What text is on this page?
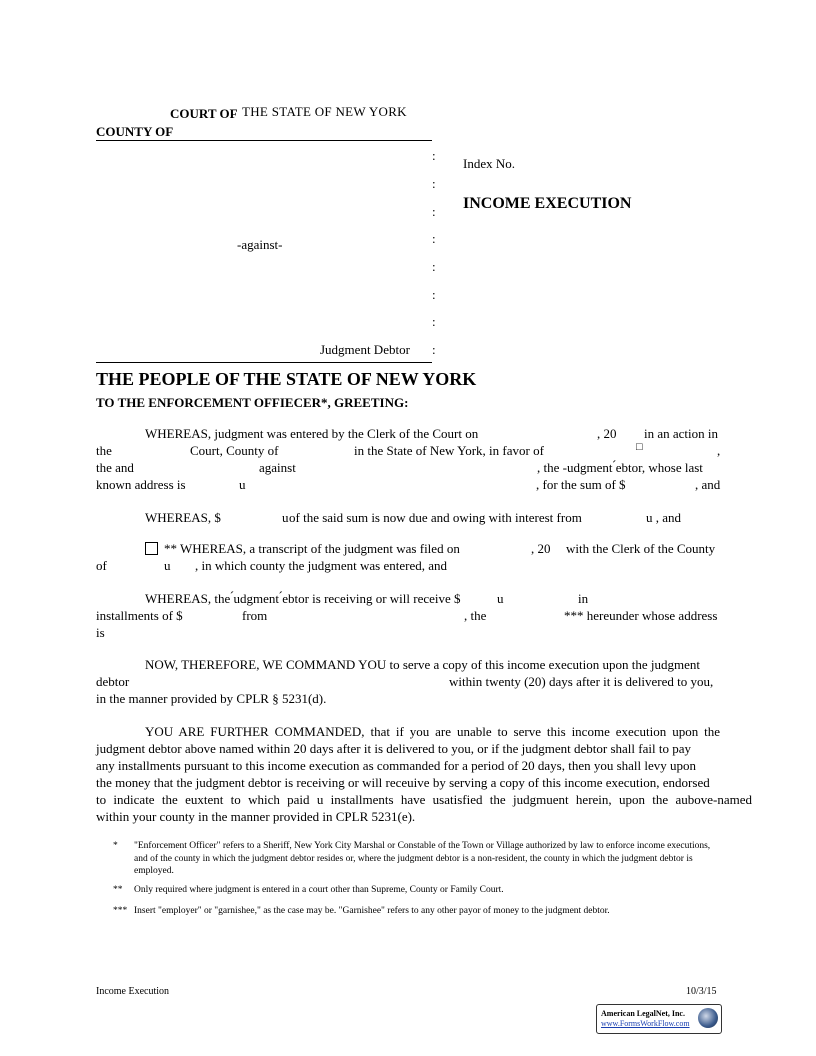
COURT OF THE STATE OF NEW YORK
COUNTY OF
:
:
:
:
:
:
:
:
Index No.
INCOME EXECUTION
-against-
Judgment Debtor
THE PEOPLE OF THE STATE OF NEW YORK
TO THE ENFORCEMENT OFFIECER*, GREETING:
WHEREAS, judgment was entered by the Clerk of the Court on	, 20 in an action in
the	Court, County of	in the State of New York, in favor of	□	,
the and	against	, the -udgment ́ebtor, whose last
known address is	u	, for the sum of $	, and
WHEREAS, $	u of the said sum is now due and owing with interest from	u , and
** WHEREAS, a transcript of the judgment was filed on	, 20 with the Clerk of the County
of	u , in which county the judgment was entered, and
WHEREAS, the ́udgment ́ebtor is receiving or will receive $	u	in
installments of $	from	, the	*** hereunder whose address
is
NOW, THEREFORE, WE COMMAND YOU to serve a copy of this income execution upon the judgment
debtor	within twenty (20) days after it is delivered to you,
in the manner provided by CPLR § 5231(d).
YOU ARE FURTHER COMMANDED, that if you are unable to serve this income execution upon the
judgment debtor above named within 20 days after it is delivered to you, or if the judgment debtor shall fail to pay
any installments pursuant to this income execution as commanded for a period of 20 days, then you shall levy upon
the money that the judgment debtor is receiving or will receuive by serving a copy of this income execution, endorsed
to indicate the euxtent to which paid u installments have usatisfied the judgmuent herein, upon the aubove-named
within your county in the manner provided in CPLR 5231(e).
* "Enforcement Officer" refers to a Sheriff, New York City Marshal or Constable of the Town or Village authorized by law to enforce income executions, and of the county in which the judgment debtor resides or, where the judgment debtor is a non-resident, the county in which the judgment debtor is employed.
** Only required where judgment is entered in a court other than Supreme, County or Family Court.
*** Insert "employer" or "garnishee," as the case may be. "Garnishee" refers to any other payor of money to the judgment debtor.
Income Execution	10/3/15
American LegalNet, Inc.
www.FormsWorkFlow.com
